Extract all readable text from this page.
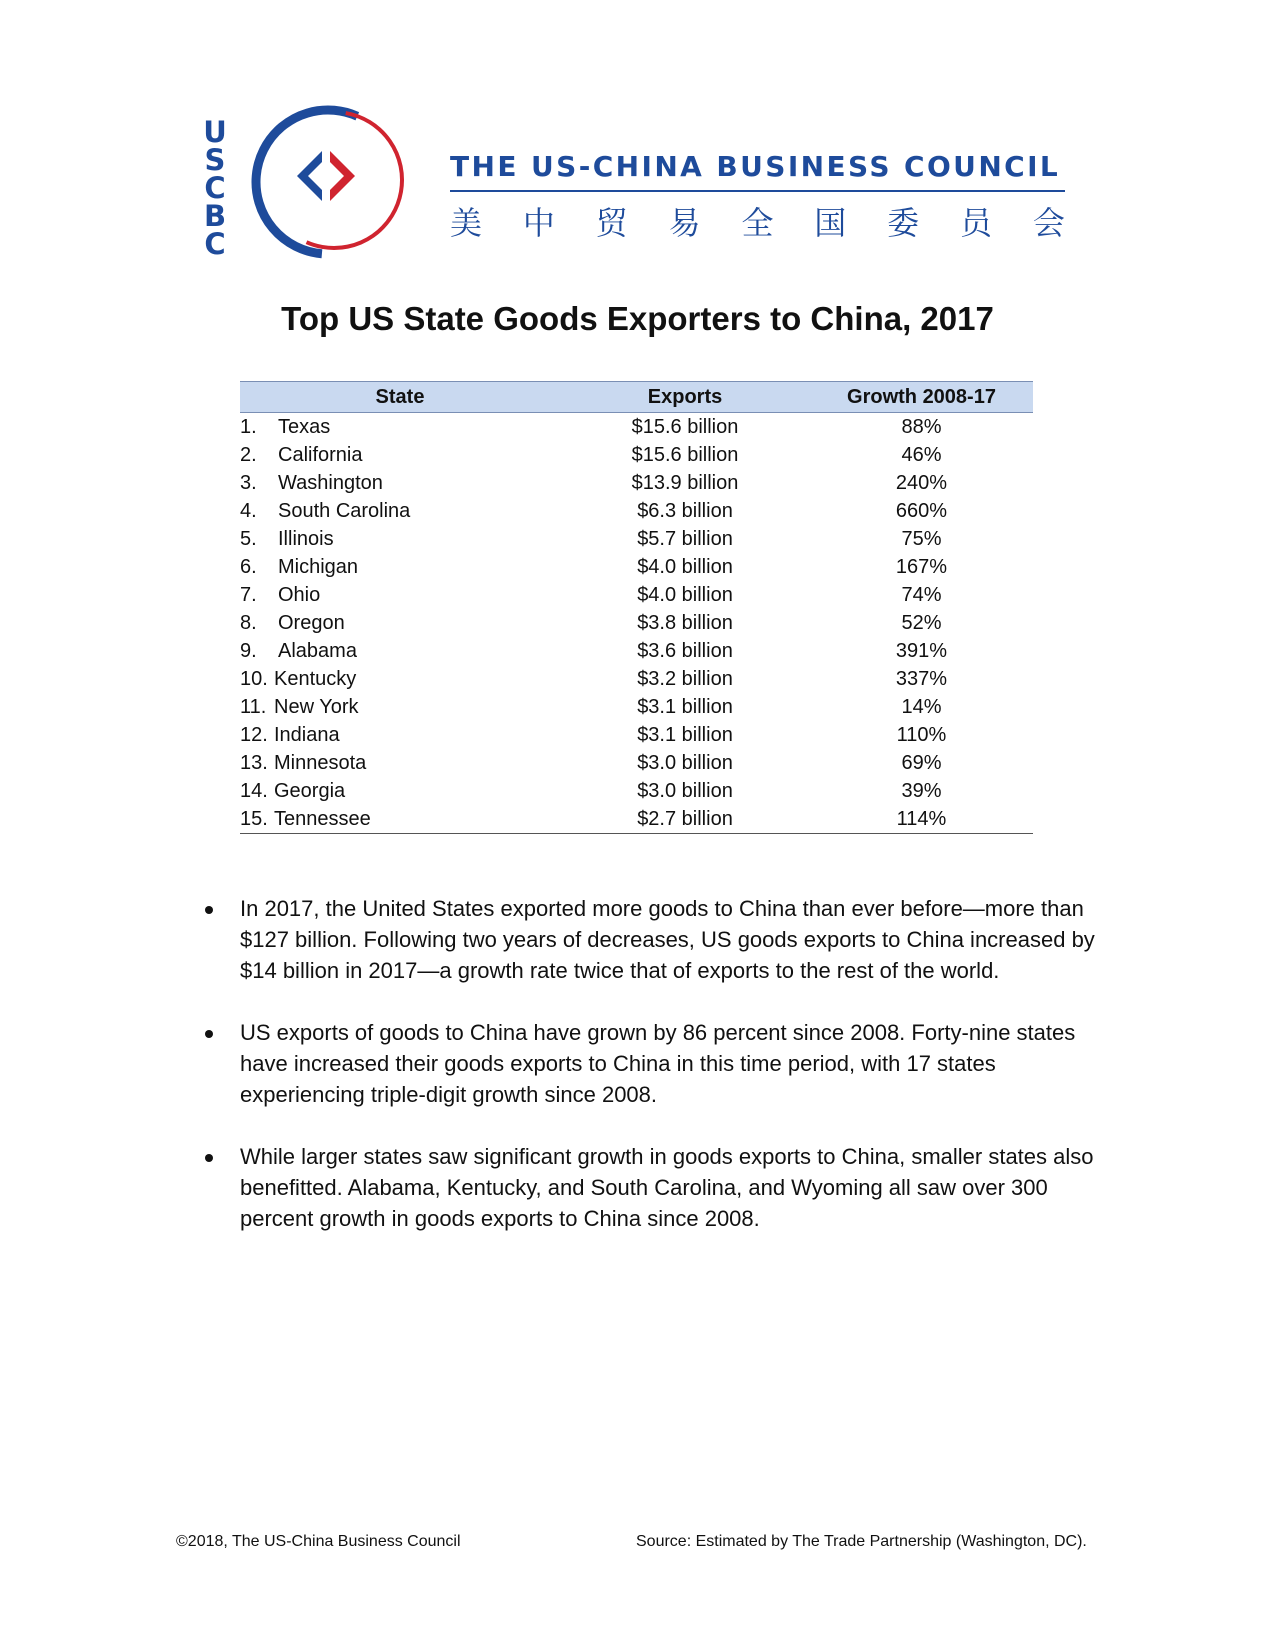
U
S
C
B
C
THE US-CHINA BUSINESS COUNCIL
美 中 贸 易 全 国 委 员 会
Top US State Goods Exporters to China, 2017
State	Exports	Growth 2008-17
1. Texas	$15.6 billion	88%
2. California	$15.6 billion	46%
3. Washington	$13.9 billion	240%
4. South Carolina	$6.3 billion	660%
5. Illinois	$5.7 billion	75%
6. Michigan	$4.0 billion	167%
7. Ohio	$4.0 billion	74%
8. Oregon	$3.8 billion	52%
9. Alabama	$3.6 billion	391%
10. Kentucky	$3.2 billion	337%
11. New York	$3.1 billion	14%
12. Indiana	$3.1 billion	110%
13. Minnesota	$3.0 billion	69%
14. Georgia	$3.0 billion	39%
15. Tennessee	$2.7 billion	114%
In 2017, the United States exported more goods to China than ever before—more than $127 billion. Following two years of decreases, US goods exports to China increased by $14 billion in 2017—a growth rate twice that of exports to the rest of the world.
US exports of goods to China have grown by 86 percent since 2008. Forty-nine states have increased their goods exports to China in this time period, with 17 states experiencing triple-digit growth since 2008.
While larger states saw significant growth in goods exports to China, smaller states also benefitted. Alabama, Kentucky, and South Carolina, and Wyoming all saw over 300 percent growth in goods exports to China since 2008.
©2018, The US-China Business Council	Source: Estimated by The Trade Partnership (Washington, DC).
